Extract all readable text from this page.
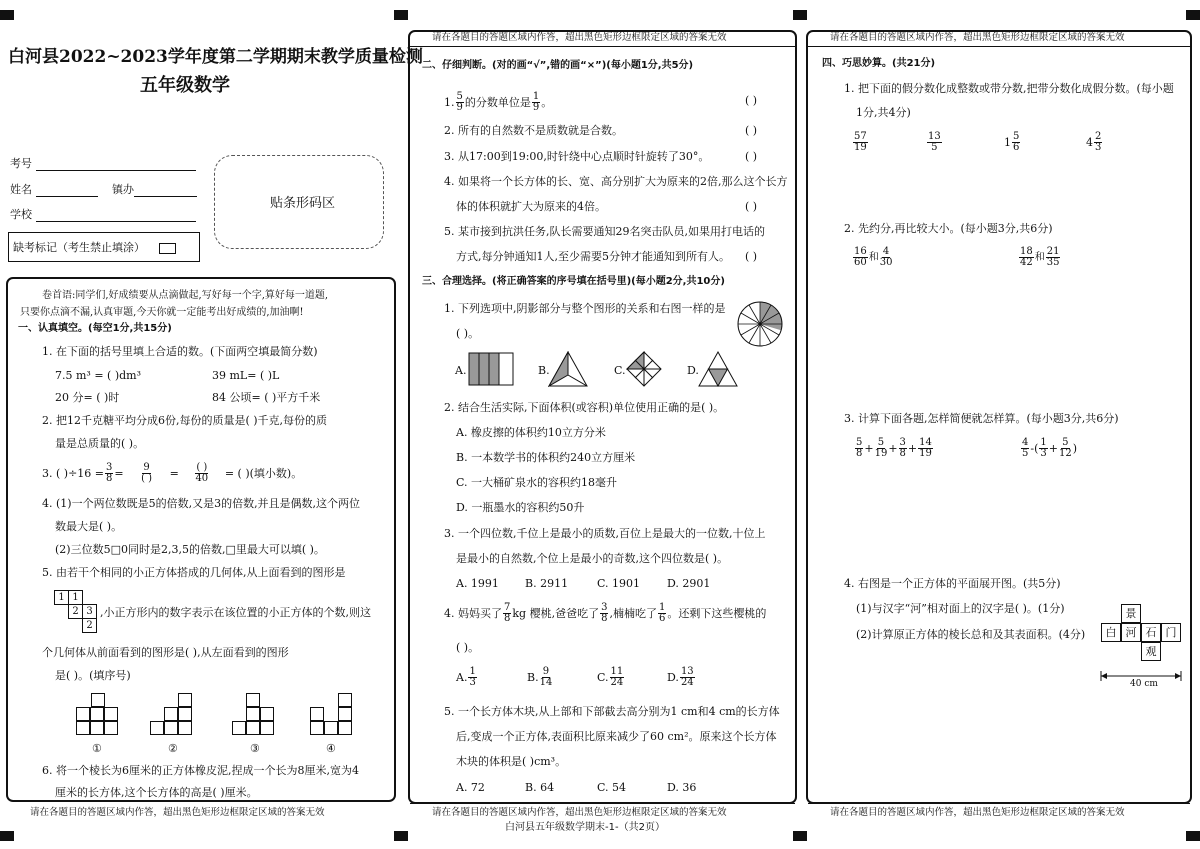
白河县2022~2023学年度第二学期期末教学质量检测
五年级数学
考号
姓名	镇办
学校
缺考标记（考生禁止填涂）
贴条形码区
请在各题目的答题区域内作答，超出黑色矩形边框限定区域的答案无效
卷首语:同学们,好成绩要从点滴做起,写好每一个字,算好每一道题,
只要你点滴不漏,认真审题,今天你就一定能考出好成绩的,加油啊!
一、认真填空。(每空1分,共15分)
1. 在下面的括号里填上合适的数。(下面两空填最简分数)
7.5 m³ = ( )dm³	39 mL= ( )L
20 分= ( )时	84 公顷= ( )平方千米
2. 把12千克糖平均分成6份,每份的质量是( )千克,每份的质
量是总质量的( )。
3. ( )$\div 16 = \frac{3}{8} = \frac{9}{( )} = \frac{( )}{40}$ = ( )(填小数)。
4. (1)一个两位数既是5的倍数,又是3的倍数,并且是偶数,这个两位
数最大是( )。
(2)三位数5□0同时是2,3,5的倍数,□里最大可以填( )。
5. 由若干个相同的小正方体搭成的几何体,从上面看到的图形是
1 1
2 3
2
,小正方形内的数字表示在该位置的小正方体的个数,则这
个几何体从前面看到的图形是( ),从左面看到的图形
是( )。(填序号)
①	②	③	④
6. 将一个棱长为6厘米的正方体橡皮泥,捏成一个长为8厘米,宽为4
厘米的长方体,这个长方体的高是( )厘米。
请在各题目的答题区域内作答，超出黑色矩形边框限定区域的答案无效
请在各题目的答题区域内作答，超出黑色矩形边框限定区域的答案无效
白河县五年级数学期末-1-（共2页）
二、仔细判断。(对的画“√”,错的画“×”)(每小题1分,共5分)
1. $\frac{5}{9}$ 的分数单位是 $\frac{1}{9}$ 。	( )
2. 所有的自然数不是质数就是合数。	( )
3. 从17:00到19:00,时针绕中心点顺时针旋转了30°。	( )
4. 如果将一个长方体的长、宽、高分别扩大为原来的2倍,那么这个长方
体的体积就扩大为原来的4倍。	( )
5. 某市接到抗洪任务,队长需要通知29名突击队员,如果用打电话的
方式,每分钟通知1人,至少需要5分钟才能通知到所有人。 ( )
三、合理选择。(将正确答案的序号填在括号里)(每小题2分,共10分)
1. 下列选项中,阴影部分与整个图形的关系和右图一样的是
( )。
A.	B.	C.	D.
2. 结合生活实际,下面体积(或容积)单位使用正确的是( )。
A. 橡皮擦的体积约10立方分米
B. 一本数学书的体积约240立方厘米
C. 一大桶矿泉水的容积约18毫升
D. 一瓶墨水的容积约50升
3. 一个四位数,千位上是最小的质数,百位上是最大的一位数,十位上
是最小的自然数,个位上是最小的奇数,这个四位数是( )。
A. 1991 B. 2911	C. 1901 D. 2901
4. 妈妈买了 $\frac{7}{8}$ kg 樱桃,爸爸吃了 $\frac{3}{8}$ ,楠楠吃了 $\frac{1}{6}$ 。还剩下这些樱桃的
( )。
A. $\frac{1}{3}$	B. $\frac{9}{14}$	C. $\frac{11}{24}$	D. $\frac{13}{24}$
5. 一个长方体木块,从上部和下部截去高分别为1 cm和4 cm的长方体
后,变成一个正方体,表面积比原来减少了60 cm²。原来这个长方体
木块的体积是( )cm³。
A. 72	B. 64	C. 54	D. 36
请在各题目的答题区域内作答，超出黑色矩形边框限定区域的答案无效
请在各题目的答题区域内作答，超出黑色矩形边框限定区域的答案无效
四、巧思妙算。(共21分)
1. 把下面的假分数化成整数或带分数,把带分数化成假分数。(每小题
1分,共4分)
$\frac{57}{19}$	$\frac{13}{5}$	$1 \frac{5}{6}$	$4 \frac{2}{3}$
2. 先约分,再比较大小。(每小题3分,共6分)
$\frac{16}{60}$ 和 $\frac{4}{30}$	$\frac{18}{42}$ 和 $\frac{21}{35}$
3. 计算下面各题,怎样简便就怎样算。(每小题3分,共6分)
$\frac{5}{8} + \frac{5}{19} + \frac{3}{8} + \frac{14}{19}$	$\frac{4}{5}$ -( $\frac{1}{3} + \frac{5}{12}$ )
4. 右图是一个正方体的平面展开图。(共5分)
(1)与汉字“河”相对面上的汉字是( )。(1分)
(2)计算原正方体的棱长总和及其表面积。(4分)
景
白 河 石 门
观
40 cm
